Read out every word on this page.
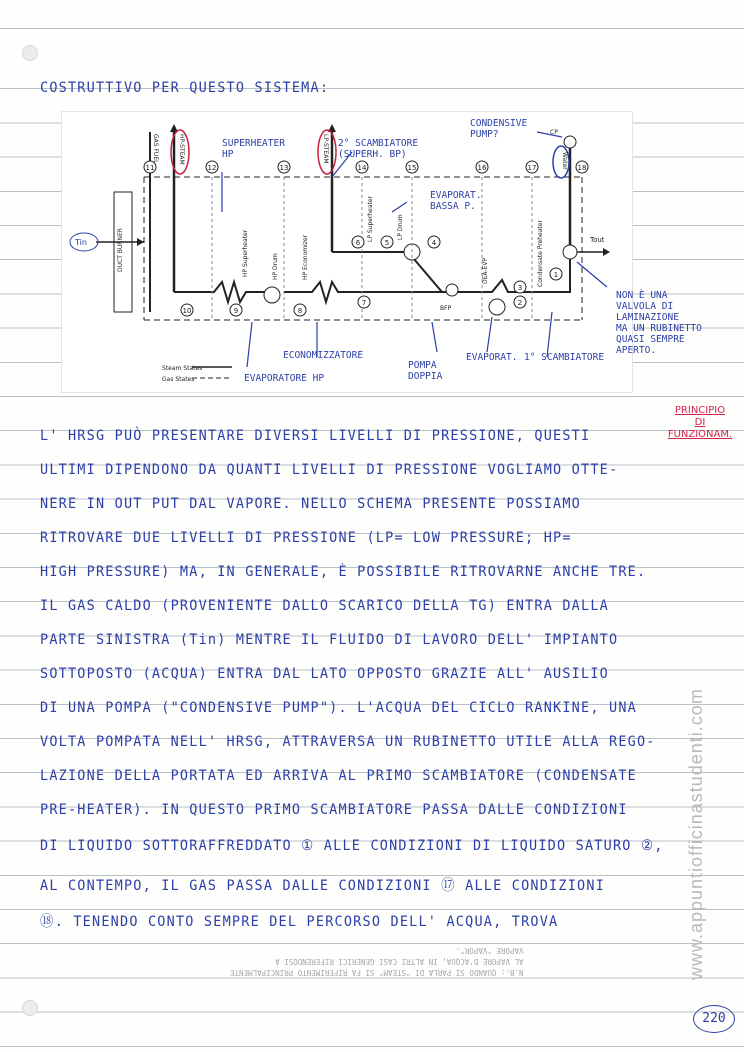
COSTRUTTIVO PER QUESTO SISTEMA:
DUCT BURNER
Tin	Tout
11	12	13	14	15	16	17	18
10	9	8
7
6	5	4
3
2
1
GAS FUEL	HP-STEAM	LP-STEAM	Water
HP Superheater	HP Drum	HP Economizer
LP Superheater	LP Drum
DEA-EVP	Condensate Preheater
BFP
CP
Steam States
Gas States
SUPERHEATER
HP
2° SCAMBIATORE
(SUPERH. BP)
CONDENSIVE
PUMP?
EVAPORAT.
BASSA P.
ECONOMIZZATORE
EVAPORATORE HP
POMPA
DOPPIA
EVAPORAT. 1° SCAMBIATORE
NON È UNA
VALVOLA DI
LAMINAZIONE
MA UN RUBINETTO
QUASI SEMPRE
APERTO.
PRINCIPIO
DI
FUNZIONAM.
L' HRSG PUÒ PRESENTARE DIVERSI LIVELLI DI PRESSIONE, QUESTI
ULTIMI DIPENDONO DA QUANTI LIVELLI DI PRESSIONE VOGLIAMO OTTE-
NERE IN OUT PUT DAL VAPORE. NELLO SCHEMA PRESENTE POSSIAMO
RITROVARE DUE LIVELLI DI PRESSIONE (LP= LOW PRESSURE; HP=
HIGH PRESSURE) MA, IN GENERALE, È POSSIBILE RITROVARNE ANCHE TRE.
IL GAS CALDO (PROVENIENTE DALLO SCARICO DELLA TG) ENTRA DALLA
PARTE SINISTRA (Tin) MENTRE IL FLUIDO DI LAVORO DELL' IMPIANTO
SOTTOPOSTO (ACQUA) ENTRA DAL LATO OPPOSTO GRAZIE ALL' AUSILIO
DI UNA POMPA ("CONDENSIVE PUMP"). L'ACQUA DEL CICLO RANKINE, UNA
VOLTA POMPATA NELL' HRSG, ATTRAVERSA UN RUBINETTO UTILE ALLA REGO-
LAZIONE DELLA PORTATA ED ARRIVA AL PRIMO SCAMBIATORE (CONDENSATE
PRE-HEATER). IN QUESTO PRIMO SCAMBIATORE PASSA DALLE CONDIZIONI
DI LIQUIDO SOTTORAFFREDDATO ① ALLE CONDIZIONI DI LIQUIDO SATURO ②,
AL CONTEMPO, IL GAS PASSA DALLE CONDIZIONI ⑰ ALLE CONDIZIONI
⑱. TENENDO CONTO SEMPRE DEL PERCORSO DELL' ACQUA, TROVA
N.B.: QUANDO SI PARLA DI "STEAM" SI FA RIFERIMENTO PRINCIPALMENTE
AL VAPORE D'ACQUA, IN ALTRI CASI GENERICI RIFERENDOSI A
VAPORE "VAPOR".	www.appuntiofficinastudenti.com
220
